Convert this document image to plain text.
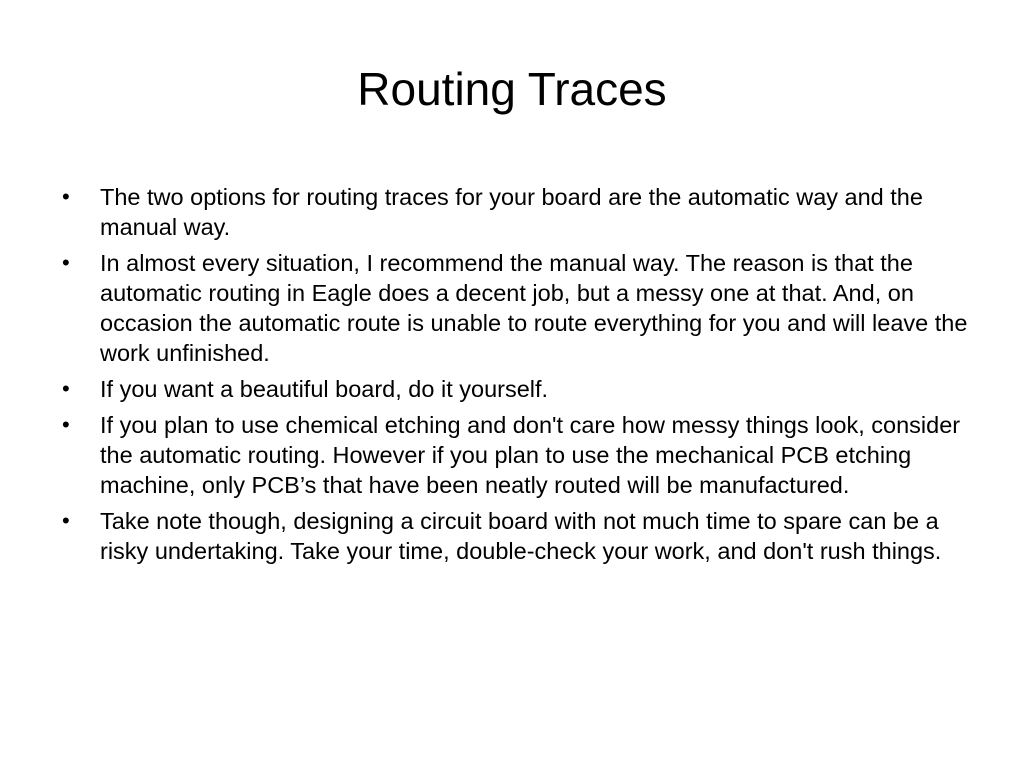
Routing Traces
•	The two options for routing traces for your board are the automatic way and the manual way.
•	In almost every situation, I recommend the manual way. The reason is that the automatic routing in Eagle does a decent job, but a messy one at that. And, on occasion the automatic route is unable to route everything for you and will leave the work unfinished.
•	If you want a beautiful board, do it yourself.
•	If you plan to use chemical etching and don't care how messy things look, consider the automatic routing. However if you plan to use the mechanical PCB etching machine, only PCB’s that have been neatly routed will be manufactured.
•	Take note though, designing a circuit board with not much time to spare can be a risky undertaking. Take your time, double-check your work, and don't rush things.
